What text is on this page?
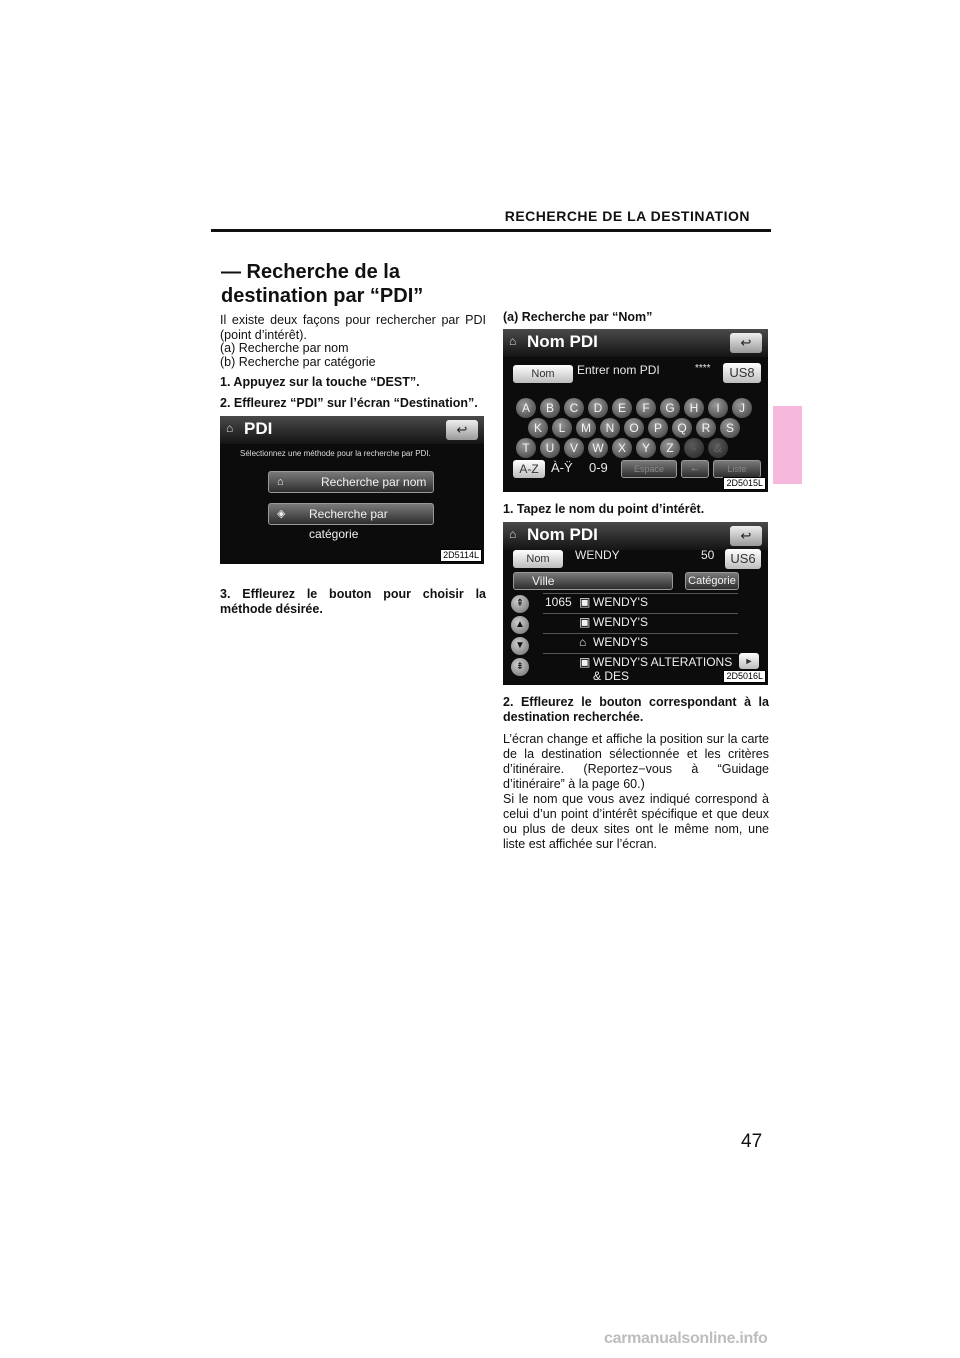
RECHERCHE DE LA DESTINATION
— Recherche de la destination par “PDI”
Il existe deux façons pour rechercher par PDI (point d’intérêt).
(a) Recherche par nom
(b) Recherche par catégorie
1. Appuyez sur la touche “DEST”.
2. Effleurez “PDI” sur l’écran “Destination”.
⌂ PDI	↩
Sélectionnez une méthode pour la recherche par PDI.
⌂	Recherche par nom
◈ Recherche par catégorie
2D5114L
3. Effleurez le bouton pour choisir la méthode désirée.
(a) Recherche par “Nom”
⌂ Nom PDI	↩
Nom	Entrer nom PDI	****	US8
A	B	C	D	E	F	G	H	I	J
K	L	M	N	O	P	Q	R	S
T	U	V	W	X	Y	Z	-	&
A-Z À-Ÿ 0-9	Espace	←	Liste
2D5015L
1. Tapez le nom du point d’intérêt.
⌂ Nom PDI	↩
Nom	WENDY	50	US6
Ville	Catégorie
⇞
▲
▼
⇟
1065 ▣ WENDY'S
▣ WENDY'S
⌂ WENDY'S
▣ WENDY'S ALTERATIONS & DES
►
2D5016L
2. Effleurez le bouton correspondant à la destination recherchée.
L’écran change et affiche la position sur la carte de la destination sélectionnée et les critères d’itinéraire. (Reportez−vous à “Guidage d’itinéraire” à la page 60.)
Si le nom que vous avez indiqué correspond à celui d’un point d’intérêt spécifique et que deux ou plus de deux sites ont le même nom, une liste est affichée sur l’écran.
47
carmanualsonline.info
